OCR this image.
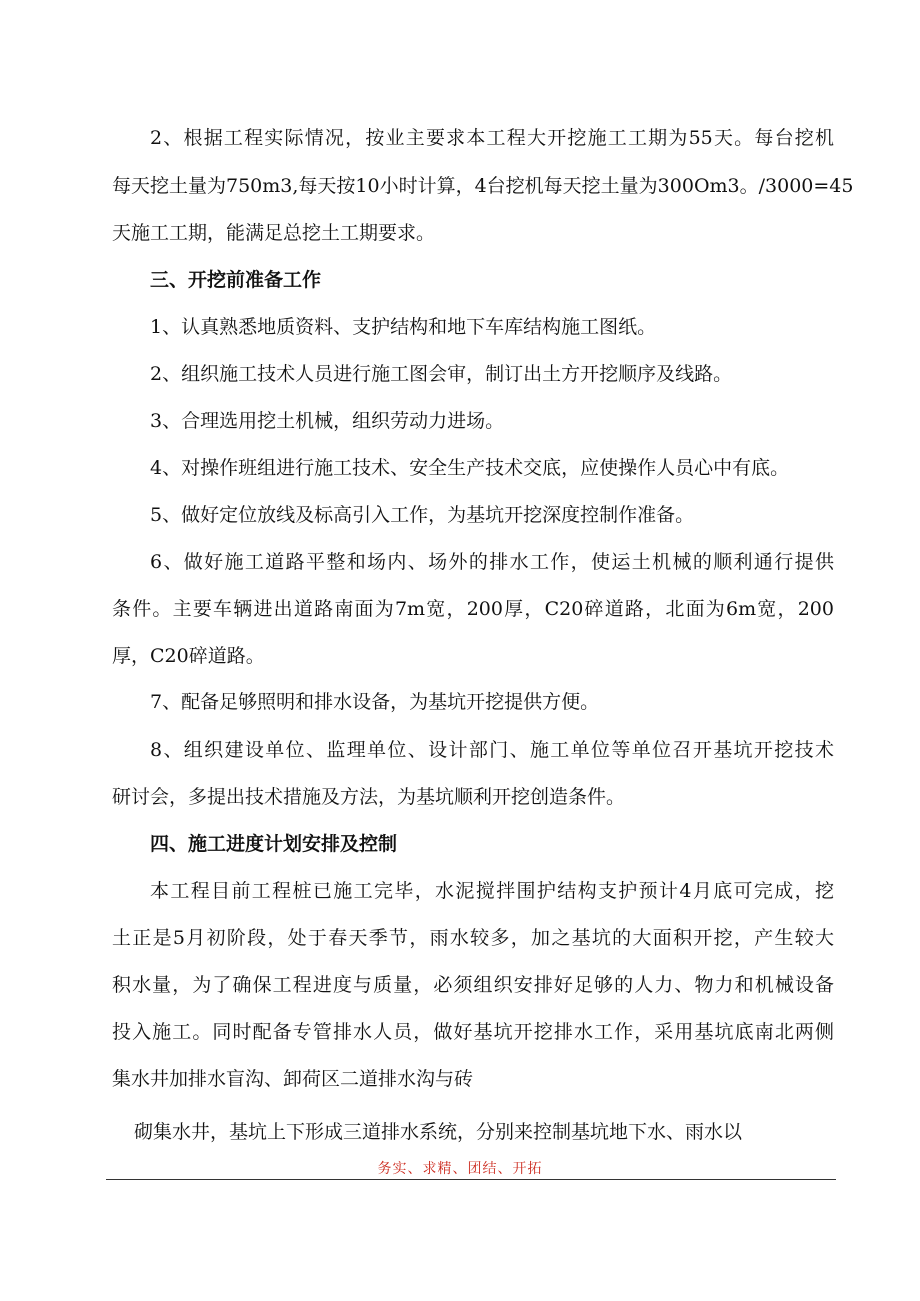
2、根据工程实际情况，按业主要求本工程大开挖施工工期为55天。每台挖机
每天挖土量为750m3,每天按10小时计算，4台挖机每天挖土量为300Om3。/3000=45
天施工工期，能满足总挖土工期要求。
三、开挖前准备工作
1、认真熟悉地质资料、支护结构和地下车库结构施工图纸。
2、组织施工技术人员进行施工图会审，制订出土方开挖顺序及线路。
3、合理选用挖土机械，组织劳动力进场。
4、对操作班组进行施工技术、安全生产技术交底，应使操作人员心中有底。
5、做好定位放线及标高引入工作，为基坑开挖深度控制作准备。
6、做好施工道路平整和场内、场外的排水工作，使运土机械的顺利通行提供
条件。主要车辆进出道路南面为7m宽，200厚，C20碎道路，北面为6m宽，200
厚，C20碎道路。
7、配备足够照明和排水设备，为基坑开挖提供方便。
8、组织建设单位、监理单位、设计部门、施工单位等单位召开基坑开挖技术
研讨会，多提出技术措施及方法，为基坑顺利开挖创造条件。
四、施工进度计划安排及控制
本工程目前工程桩已施工完毕，水泥搅拌围护结构支护预计4月底可完成，挖
土正是5月初阶段，处于春天季节，雨水较多，加之基坑的大面积开挖，产生较大
积水量，为了确保工程进度与质量，必须组织安排好足够的人力、物力和机械设备
投入施工。同时配备专管排水人员，做好基坑开挖排水工作，采用基坑底南北两侧
集水井加排水盲沟、卸荷区二道排水沟与砖
砌集水井，基坑上下形成三道排水系统，分别来控制基坑地下水、雨水以
务实、求精、团结、开拓
